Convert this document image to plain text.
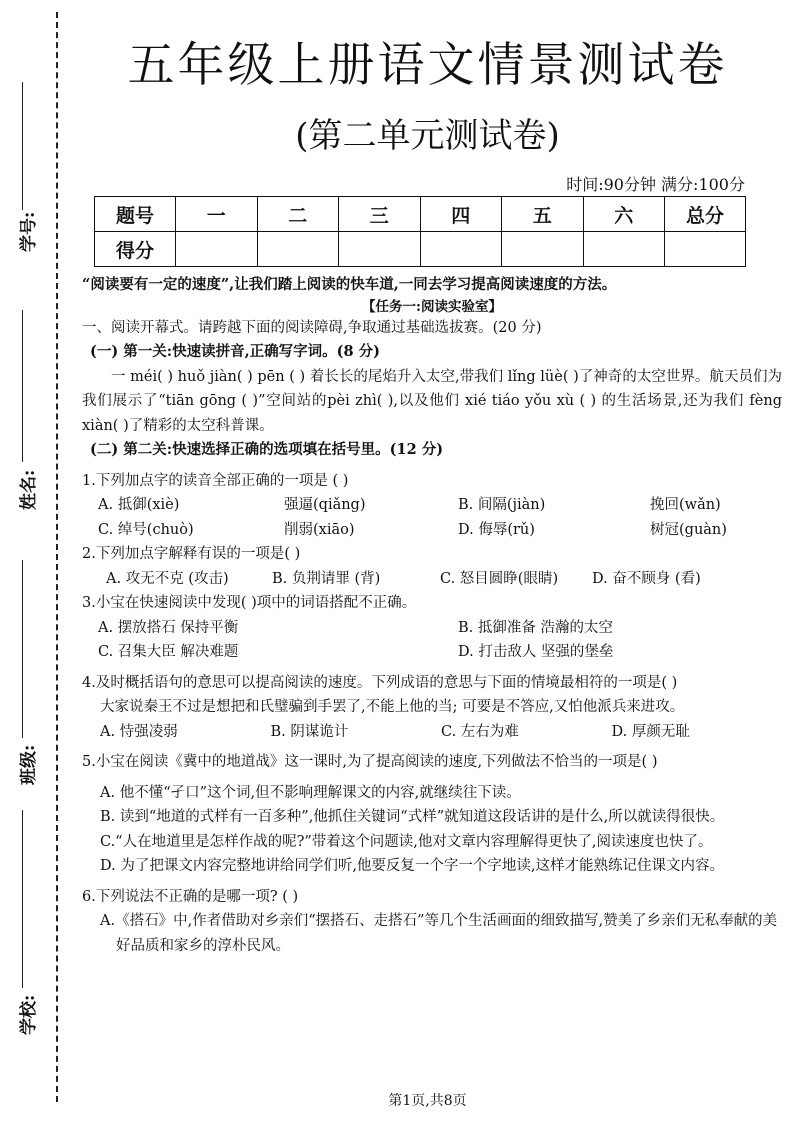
学号:
姓名:
班级:
学校:
五年级上册语文情景测试卷
(第二单元测试卷)
时间:90分钟 满分:100分
题号	一	二	三	四	五	六	总分
得分							

“阅读要有一定的速度”,让我们踏上阅读的快车道,一同去学习提高阅读速度的方法。

【任务一:阅读实验室】

一、阅读开幕式。请跨越下面的阅读障碍,争取通过基础选拔赛。(20 分)

(一) 第一关:快速读拼音,正确写字词。(8 分)

一 méi( ) huǒ jiàn( ) pēn ( ) 着长长的尾焰升入太空,带我们 lǐng lüè( )了神奇的太空世界。航天员们为我们展示了“tiān gōng ( )”空间站的pèi zhì( ),以及他们 xié tiáo yǒu xù ( ) 的生活场景,还为我们 fèng xiàn( )了精彩的太空科普课。

(二) 第二关:快速选择正确的选项填在括号里。(12 分)

1.下列加点字的读音全部正确的一项是 ( )

A. 抵御(xiè)	强逼(qiǎng)	B. 间隔(jiàn)	挽回(wǎn)
C. 绰号(chuò)	削弱(xiāo)	D. 侮辱(rǔ)	树冠(guàn)

2.下列加点字解释有误的一项是( )

A. 攻无不克 (攻击)	B. 负荆请罪 (背)	C. 怒目圆睁(眼睛)	D. 奋不顾身 (看)

3.小宝在快速阅读中发现( )项中的词语搭配不正确。

A. 摆放搭石 保持平衡	B. 抵御准备 浩瀚的太空
C. 召集大臣 解决难题	D. 打击敌人 坚强的堡垒

4.及时概括语句的意思可以提高阅读的速度。下列成语的意思与下面的情境最相符的一项是( )

大家说秦王不过是想把和氏璧骗到手罢了,不能上他的当; 可要是不答应,又怕他派兵来进攻。

A. 恃强凌弱	B. 阴谋诡计	C. 左右为难	D. 厚颜无耻

5.小宝在阅读《冀中的地道战》这一课时,为了提高阅读的速度,下列做法不恰当的一项是( )

A. 他不懂“孑口”这个词,但不影响理解课文的内容,就继续往下读。

B. 读到“地道的式样有一百多种”,他抓住关键词“式样”就知道这段话讲的是什么,所以就读得很快。

C.“人在地道里是怎样作战的呢?”带着这个问题读,他对文章内容理解得更快了,阅读速度也快了。

D. 为了把课文内容完整地讲给同学们听,他要反复一个字一个字地读,这样才能熟练记住课文内容。

6.下列说法不正确的是哪一项? ( )

A.《搭石》中,作者借助对乡亲们“摆搭石、走搭石”等几个生活画面的细致描写,赞美了乡亲们无私奉献的美好品质和家乡的淳朴民风。

第1页,共8页
